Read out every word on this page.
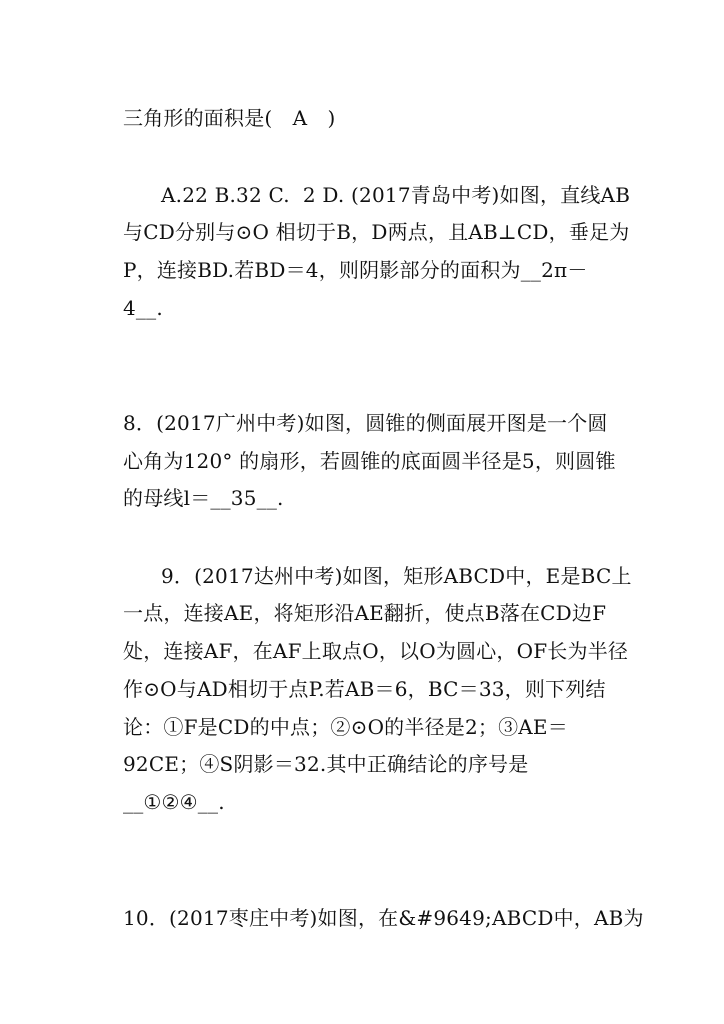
三角形的面积是(　A　)
A.22 B.32 C.  2 D. (2017青岛中考)如图，直线AB
与CD分别与⊙O 相切于B，D两点，且AB⊥CD，垂足为
P，连接BD.若BD＝4，则阴影部分的面积为__2π－
4__.
8．(2017广州中考)如图，圆锥的侧面展开图是一个圆
心角为120° 的扇形，若圆锥的底面圆半径是5，则圆锥
的母线l＝__35__.
9．(2017达州中考)如图，矩形ABCD中，E是BC上
一点，连接AE，将矩形沿AE翻折，使点B落在CD边F
处，连接AF，在AF上取点O，以O为圆心，OF长为半径
作⊙O与AD相切于点P.若AB＝6，BC＝33，则下列结
论：①F是CD的中点；②⊙O的半径是2；③AE＝
92CE；④S阴影＝32.其中正确结论的序号是
__①②④__.
10．(2017枣庄中考)如图，在&#9649;ABCD中，AB为
